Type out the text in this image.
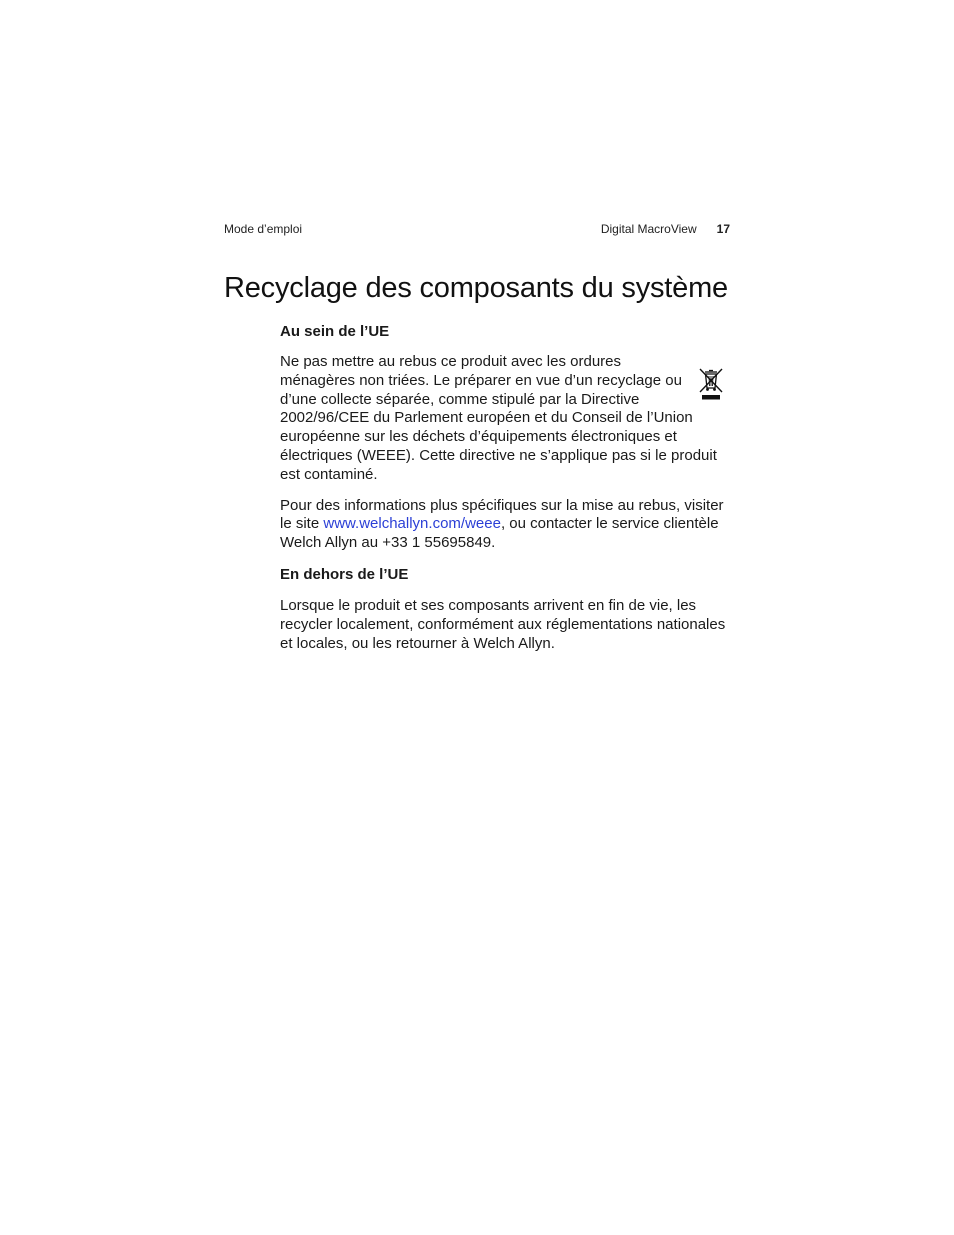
Mode d’emploi	Digital MacroView 17
Recyclage des composants du système
Au sein de l’UE

Ne pas mettre au rebus ce produit avec les ordures ménagères non triées. Le préparer en vue d’un recyclage ou d’une collecte séparée, comme stipulé par la Directive 2002/96/CEE du Parlement européen et du Conseil de l’Union européenne sur les déchets d’équipements électroniques et électriques (WEEE). Cette directive ne s’applique pas si le produit est contaminé.

Pour des informations plus spécifiques sur la mise au rebus, visiter le site www.welchallyn.com/weee, ou contacter le service clientèle Welch Allyn au +33 1 55695849.

En dehors de l’UE

Lorsque le produit et ses composants arrivent en fin de vie, les recycler localement, conformément aux réglementations nationales et locales, ou les retourner à Welch Allyn.
